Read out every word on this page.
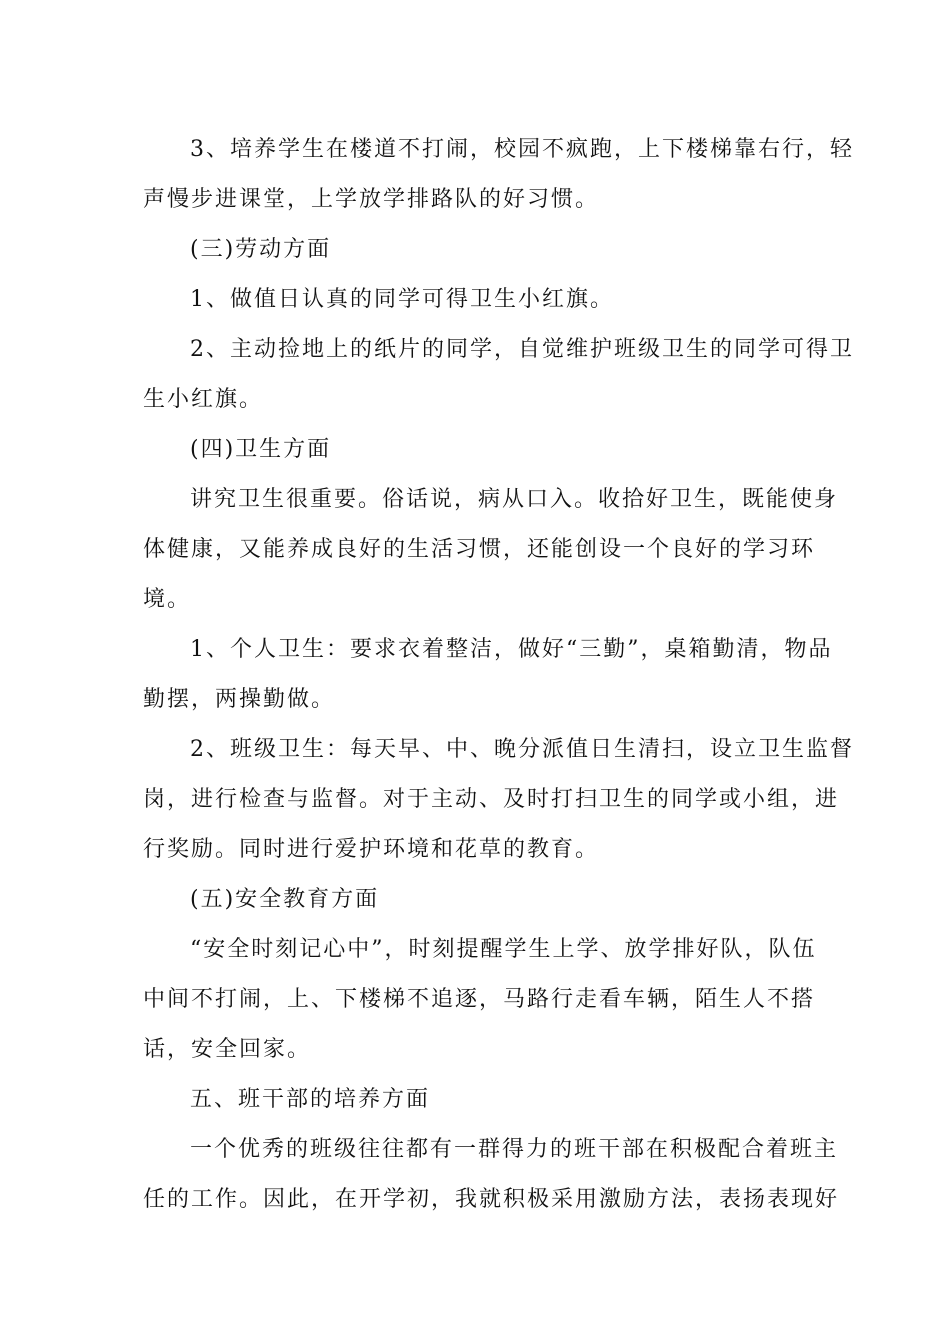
3、培养学生在楼道不打闹，校园不疯跑，上下楼梯靠右行，轻
声慢步进课堂，上学放学排路队的好习惯。
(三)劳动方面
1、做值日认真的同学可得卫生小红旗。
2、主动捡地上的纸片的同学，自觉维护班级卫生的同学可得卫
生小红旗。
(四)卫生方面
讲究卫生很重要。俗话说，病从口入。收拾好卫生，既能使身
体健康，又能养成良好的生活习惯，还能创设一个良好的学习环
境。
1、个人卫生：要求衣着整洁，做好“三勤”，桌箱勤清，物品
勤摆，两操勤做。
2、班级卫生：每天早、中、晚分派值日生清扫，设立卫生监督
岗，进行检查与监督。对于主动、及时打扫卫生的同学或小组，进
行奖励。同时进行爱护环境和花草的教育。
(五)安全教育方面
“安全时刻记心中”，时刻提醒学生上学、放学排好队，队伍
中间不打闹，上、下楼梯不追逐，马路行走看车辆，陌生人不搭
话，安全回家。
五、班干部的培养方面
一个优秀的班级往往都有一群得力的班干部在积极配合着班主
任的工作。因此，在开学初，我就积极采用激励方法，表扬表现好
